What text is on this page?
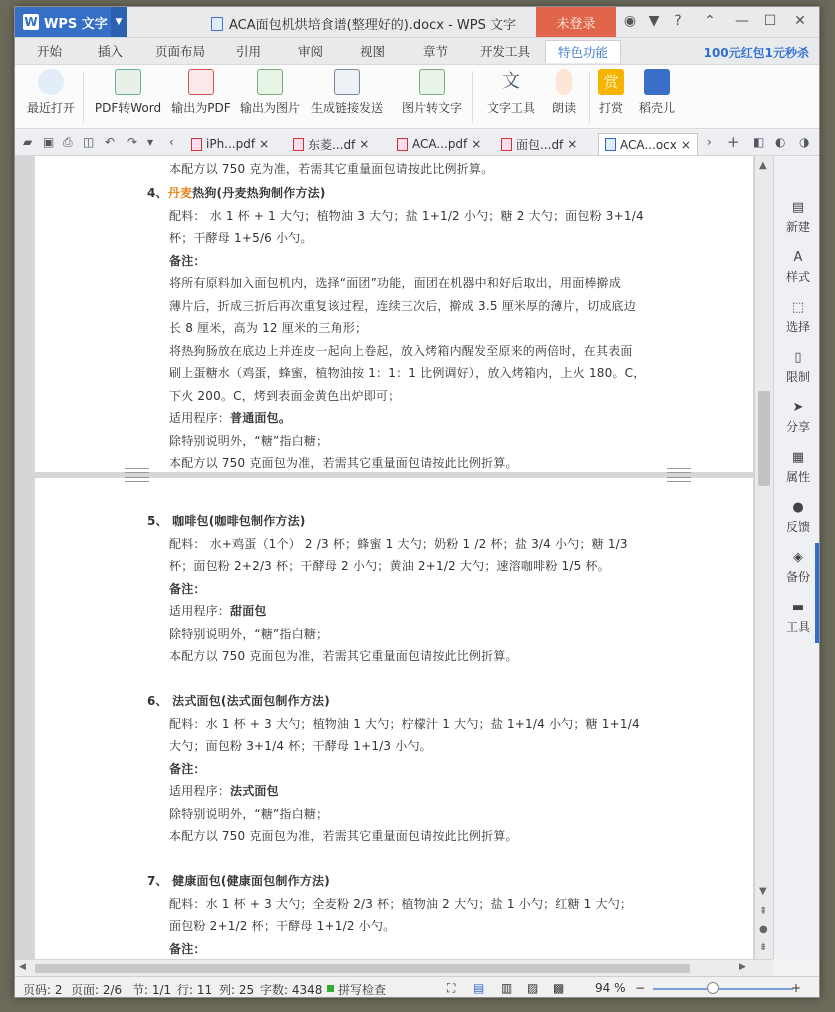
W WPS 文字 ▼	ACA面包机烘培食谱(整理好的).docx - WPS 文字	未登录	◉ ▼	?	⌃ — ☐ ✕
开始	插入	页面布局 引用	审阅	视图	章节	开发工具	特色功能	100元红包1元秒杀
最近打开 PDF转Word 输出为PDF 输出为图片 生成链接发送 图片转文字
文
文字工具	朗读
赏
打赏	稻壳儿
▰ ▣ ⎙ ◫ ↶ ↷ ▾ ‹	iPh...pdf ×	东菱...df ×	ACA...pdf ×	面包...df ×	ACA...ocx × › + ◧ ◐ ◑
本配方以 750 克为准，若需其它重量面包请按此比例折算。
4、丹麦热狗(丹麦热狗制作方法)
配料： 水 1 杯 + 1 大勺；植物油 3 大勺；盐 1+1/2 小勺；糖 2 大勺；面包粉 3+1/4
杯；干酵母 1+5/6 小勺。
备注：
将所有原料加入面包机内，选择“面团”功能，面团在机器中和好后取出，用面棒擀成
薄片后，折成三折后再次重复该过程，连续三次后，擀成 3.5 厘米厚的薄片，切成底边
长 8 厘米，高为 12 厘米的三角形；
将热狗肠放在底边上并连皮一起向上卷起，放入烤箱内醒发至原来的两倍时，在其表面
刷上蛋糖水（鸡蛋，蜂蜜，植物油按 1：1：1 比例调好），放入烤箱内，上火 180。C，
下火 200。C，烤到表面金黄色出炉即可；
适用程序：普通面包。
除特别说明外，“糖”指白糖；
本配方以 750 克面包为准，若需其它重量面包请按此比例折算。
5、 咖啡包(咖啡包制作方法)
配料： 水+鸡蛋（1个） 2 /3 杯；蜂蜜 1 大勺；奶粉 1 /2 杯；盐 3/4 小勺；糖 1/3
杯；面包粉 2+2/3 杯；干酵母 2 小勺；黄油 2+1/2 大勺；速溶咖啡粉 1/5 杯。
备注：
适用程序：甜面包
除特别说明外，“糖”指白糖；
本配方以 750 克面包为准，若需其它重量面包请按此比例折算。
6、 法式面包(法式面包制作方法)
配料：水 1 杯 + 3 大勺；植物油 1 大勺；柠檬汁 1 大勺；盐 1+1/4 小勺；糖 1+1/4
大勺；面包粉 3+1/4 杯；干酵母 1+1/3 小勺。
备注：
适用程序：法式面包
除特别说明外，“糖”指白糖；
本配方以 750 克面包为准，若需其它重量面包请按此比例折算。
7、 健康面包(健康面包制作方法)
配料：水 1 杯 + 3 大勺；全麦粉 2/3 杯；植物油 2 大勺；盐 1 小勺；红糖 1 大勺；
面包粉 2+1/2 杯；干酵母 1+1/2 小勺。
备注：
▲
▼
⇞
●
⇟
▤
新建
A
样式
⬚
选择
▯
限制
➤
分享
▦
属性
●
反馈
◈
备份
▬
工具
◀	▶
页码: 2 页面: 2/6 节: 1/1 行: 11 列: 25 字数: 4348 拼写检查	⛶ ▤ ▥ ▨ ▩	94 % −	+
